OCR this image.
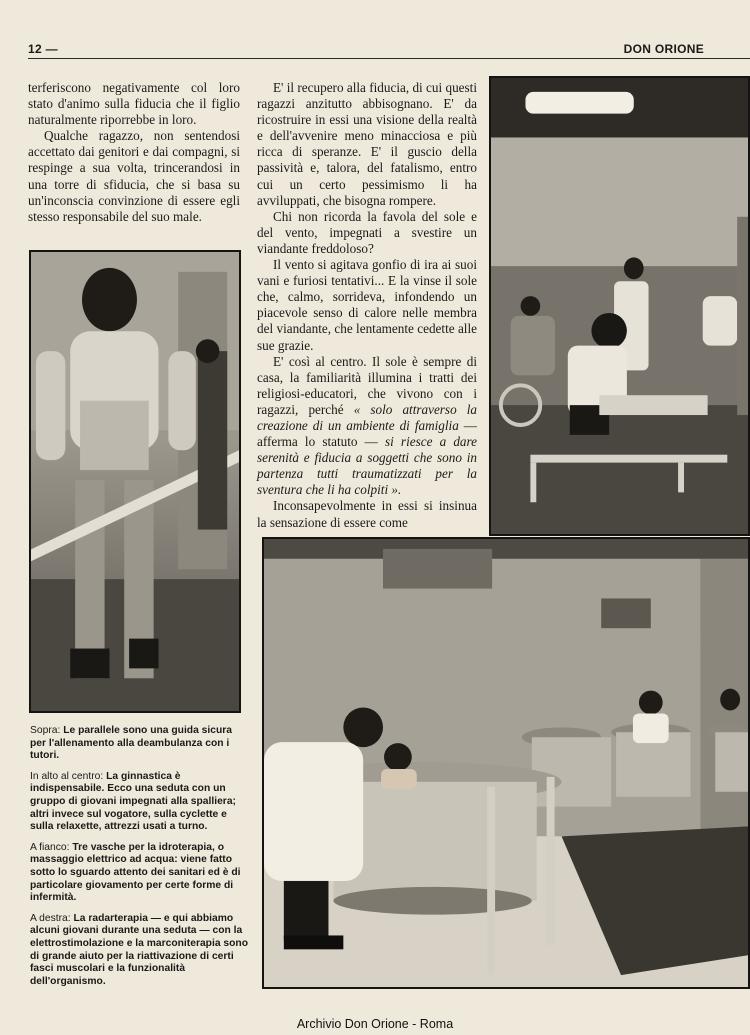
12 —	DON ORIONE

terferiscono negativamente col loro stato d'animo sulla fiducia che il figlio naturalmente riporrebbe in loro.

Qualche ragazzo, non sentendosi accettato dai genitori e dai compagni, si respinge a sua volta, trincerandosi in una torre di sfiducia, che si basa su un'inconscia convinzione di essere egli stesso responsabile del suo male.

E' il recupero alla fiducia, di cui questi ragazzi anzitutto abbisognano. E' da ricostruire in essi una visione della realtà e dell'avvenire meno minacciosa e più ricca di speranze. E' il guscio della passività e, talora, del fatalismo, entro cui un certo pessimismo li ha avviluppati, che bisogna rompere.

Chi non ricorda la favola del sole e del vento, impegnati a svestire un viandante freddoloso?

Il vento si agitava gonfio di ira ai suoi vani e furiosi tentativi... E la vinse il sole che, calmo, sorrideva, infondendo un piacevole senso di calore nelle membra del viandante, che lentamente cedette alle sue grazie.

E' così al centro. Il sole è sempre di casa, la familiarità illumina i tratti dei religiosi-educatori, che vivono con i ragazzi, perché « solo attraverso la creazione di un ambiente di famiglia — afferma lo statuto — si riesce a dare serenità e fiducia a soggetti che sono in partenza tutti traumatizzati per la sventura che li ha colpiti ».

Inconsapevolmente in essi si insinua la sensazione di essere come

Sopra: Le parallele sono una guida sicura per l'allenamento alla deambulanza con i tutori.

In alto al centro: La ginnastica è indispensabile. Ecco una seduta con un gruppo di giovani impegnati alla spalliera; altri invece sul vogatore, sulla cyclette e sulla relaxette, attrezzi usati a turno.

A fianco: Tre vasche per la idroterapia, o massaggio elettrico ad acqua: viene fatto sotto lo sguardo attento dei sanitari ed è di particolare giovamento per certe forme di infermità.

A destra: La radarterapia — e qui abbiamo alcuni giovani durante una seduta — con la elettrostimolazione e la marconiterapia sono di grande aiuto per la riattivazione di certi fasci muscolari e la funzionalità dell'organismo.

Archivio Don Orione - Roma
